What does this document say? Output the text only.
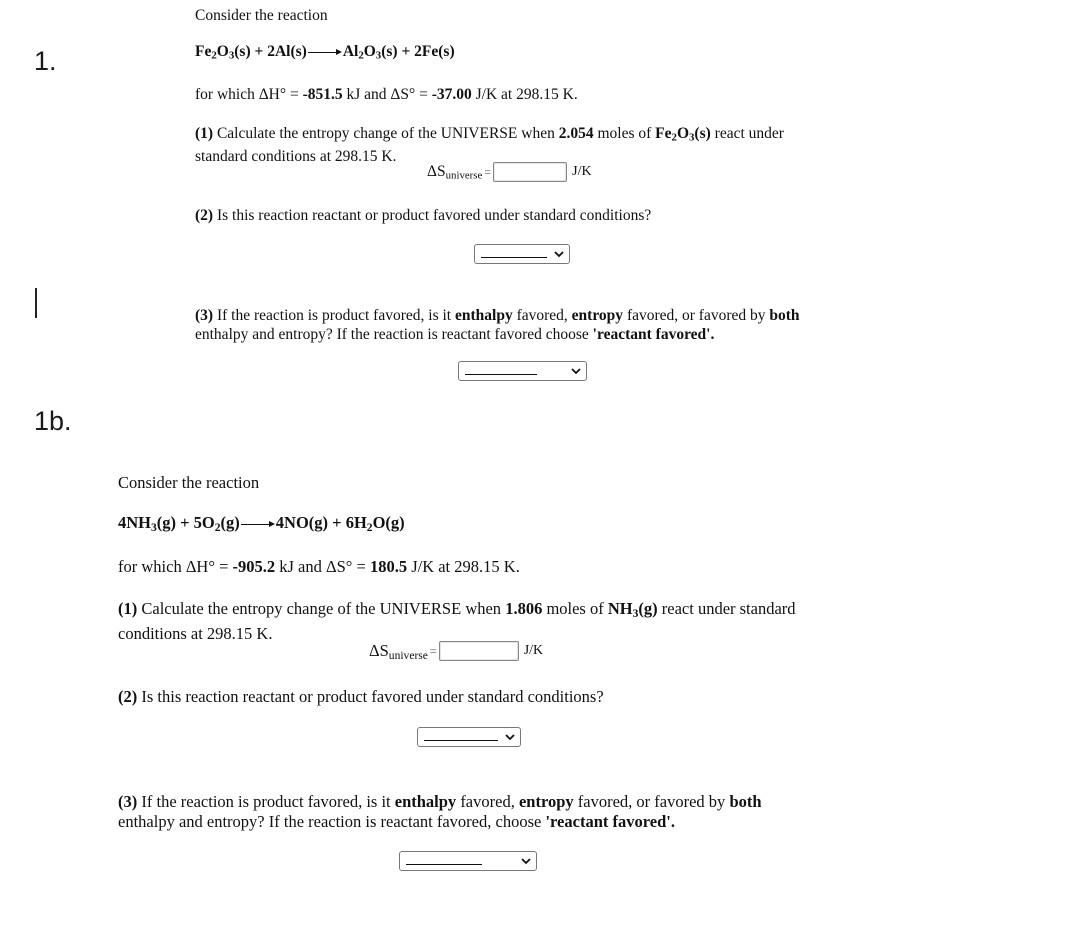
1.
1b.
Consider the reaction
$Fe_2O_3(s) + 2Al(s) Al_2O_3(s) + 2Fe(s)$
for which ΔH° = -851.5 kJ and ΔS° = -37.00 J/K at 298.15 K.
(1) Calculate the entropy change of the UNIVERSE when 2.054 moles of $Fe_2O_3(s)$ react under standard conditions at 298.15 K.
$\Delta S_{universe}$ =	J/K
(2) Is this reaction reactant or product favored under standard conditions?
(3) If the reaction is product favored, is it enthalpy favored, entropy favored, or favored by both enthalpy and entropy? If the reaction is reactant favored choose 'reactant favored'.
Consider the reaction
$4NH_3(g) + 5O_2(g) 4NO(g) + 6H_2O(g)$
for which ΔH° = -905.2 kJ and ΔS° = 180.5 J/K at 298.15 K.
(1) Calculate the entropy change of the UNIVERSE when 1.806 moles of $NH_3(g)$ react under standard conditions at 298.15 K.
$\Delta S_{universe}$ =	J/K
(2) Is this reaction reactant or product favored under standard conditions?
(3) If the reaction is product favored, is it enthalpy favored, entropy favored, or favored by both enthalpy and entropy? If the reaction is reactant favored, choose 'reactant favored'.
